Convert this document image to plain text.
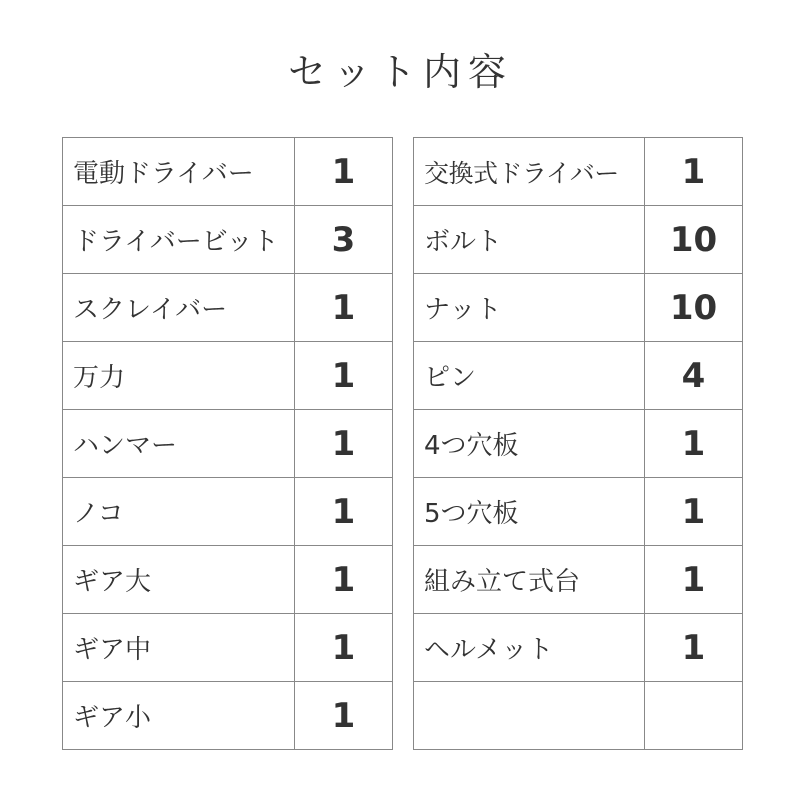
セット内容
電動ドライバー	1
ドライバービット	3
スクレイバー	1
万力	1
ハンマー	1
ノコ	1
ギア大	1
ギア中	1
ギア小	1
交換式ドライバー	1
ボルト	10
ナット	10
ピン	4
4つ穴板	1
5つ穴板	1
組み立て式台	1
ヘルメット	1
